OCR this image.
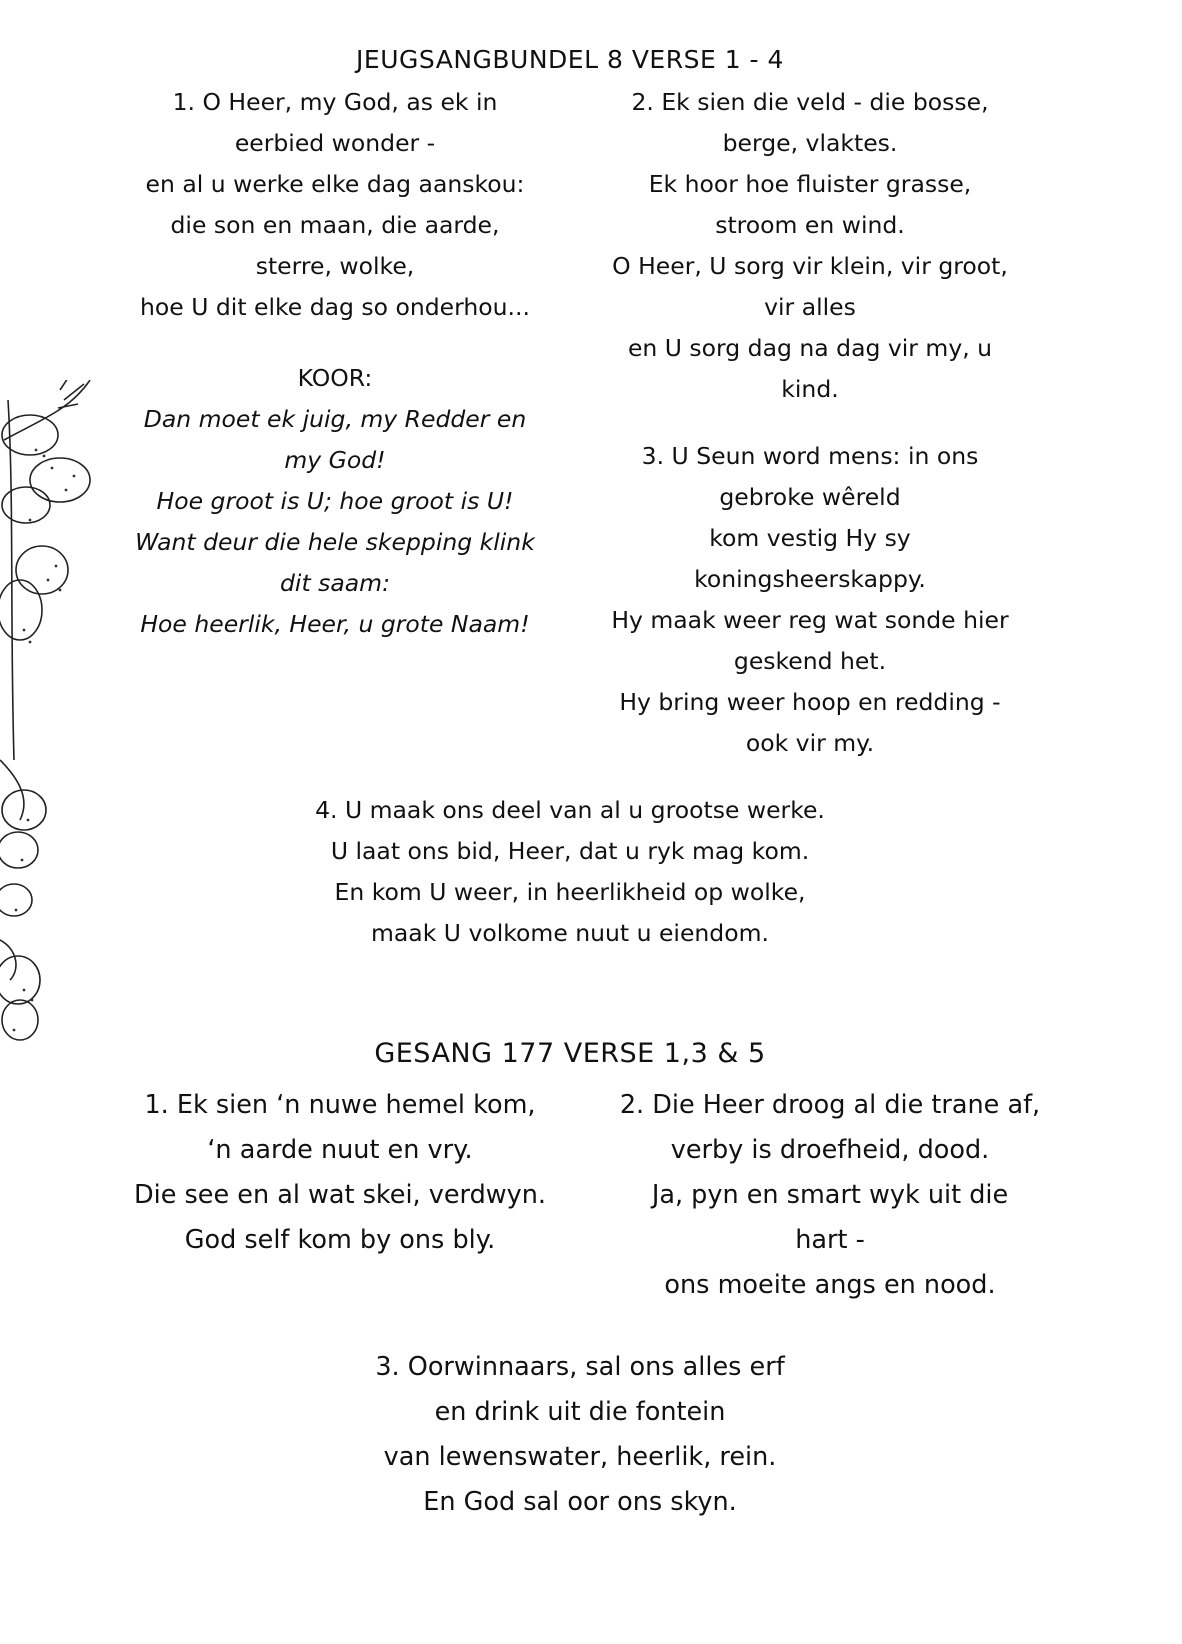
JEUGSANGBUNDEL 8 VERSE 1 - 4
1. O Heer, my God, as ek in
eerbied wonder -
en al u werke elke dag aanskou:
die son en maan, die aarde,
sterre, wolke,
hoe U dit elke dag so onderhou...
KOOR:
Dan moet ek juig, my Redder en
my God!
Hoe groot is U; hoe groot is U!
Want deur die hele skepping klink
dit saam:
Hoe heerlik, Heer, u grote Naam!
2. Ek sien die veld - die bosse,
berge, vlaktes.
Ek hoor hoe fluister grasse,
stroom en wind.
O Heer, U sorg vir klein, vir groot,
vir alles
en U sorg dag na dag vir my, u
kind.
3. U Seun word mens: in ons
gebroke wêreld
kom vestig Hy sy
koningsheerskappy.
Hy maak weer reg wat sonde hier
geskend het.
Hy bring weer hoop en redding -
ook vir my.
4. U maak ons deel van al u grootse werke.
U laat ons bid, Heer, dat u ryk mag kom.
En kom U weer, in heerlikheid op wolke,
maak U volkome nuut u eiendom.
GESANG 177 VERSE 1,3 & 5
1. Ek sien ‘n nuwe hemel kom,
‘n aarde nuut en vry.
Die see en al wat skei, verdwyn.
God self kom by ons bly.
2. Die Heer droog al die trane af,
verby is droefheid, dood.
Ja, pyn en smart wyk uit die
hart -
ons moeite angs en nood.
3. Oorwinnaars, sal ons alles erf
en drink uit die fontein
van lewenswater, heerlik, rein.
En God sal oor ons skyn.
